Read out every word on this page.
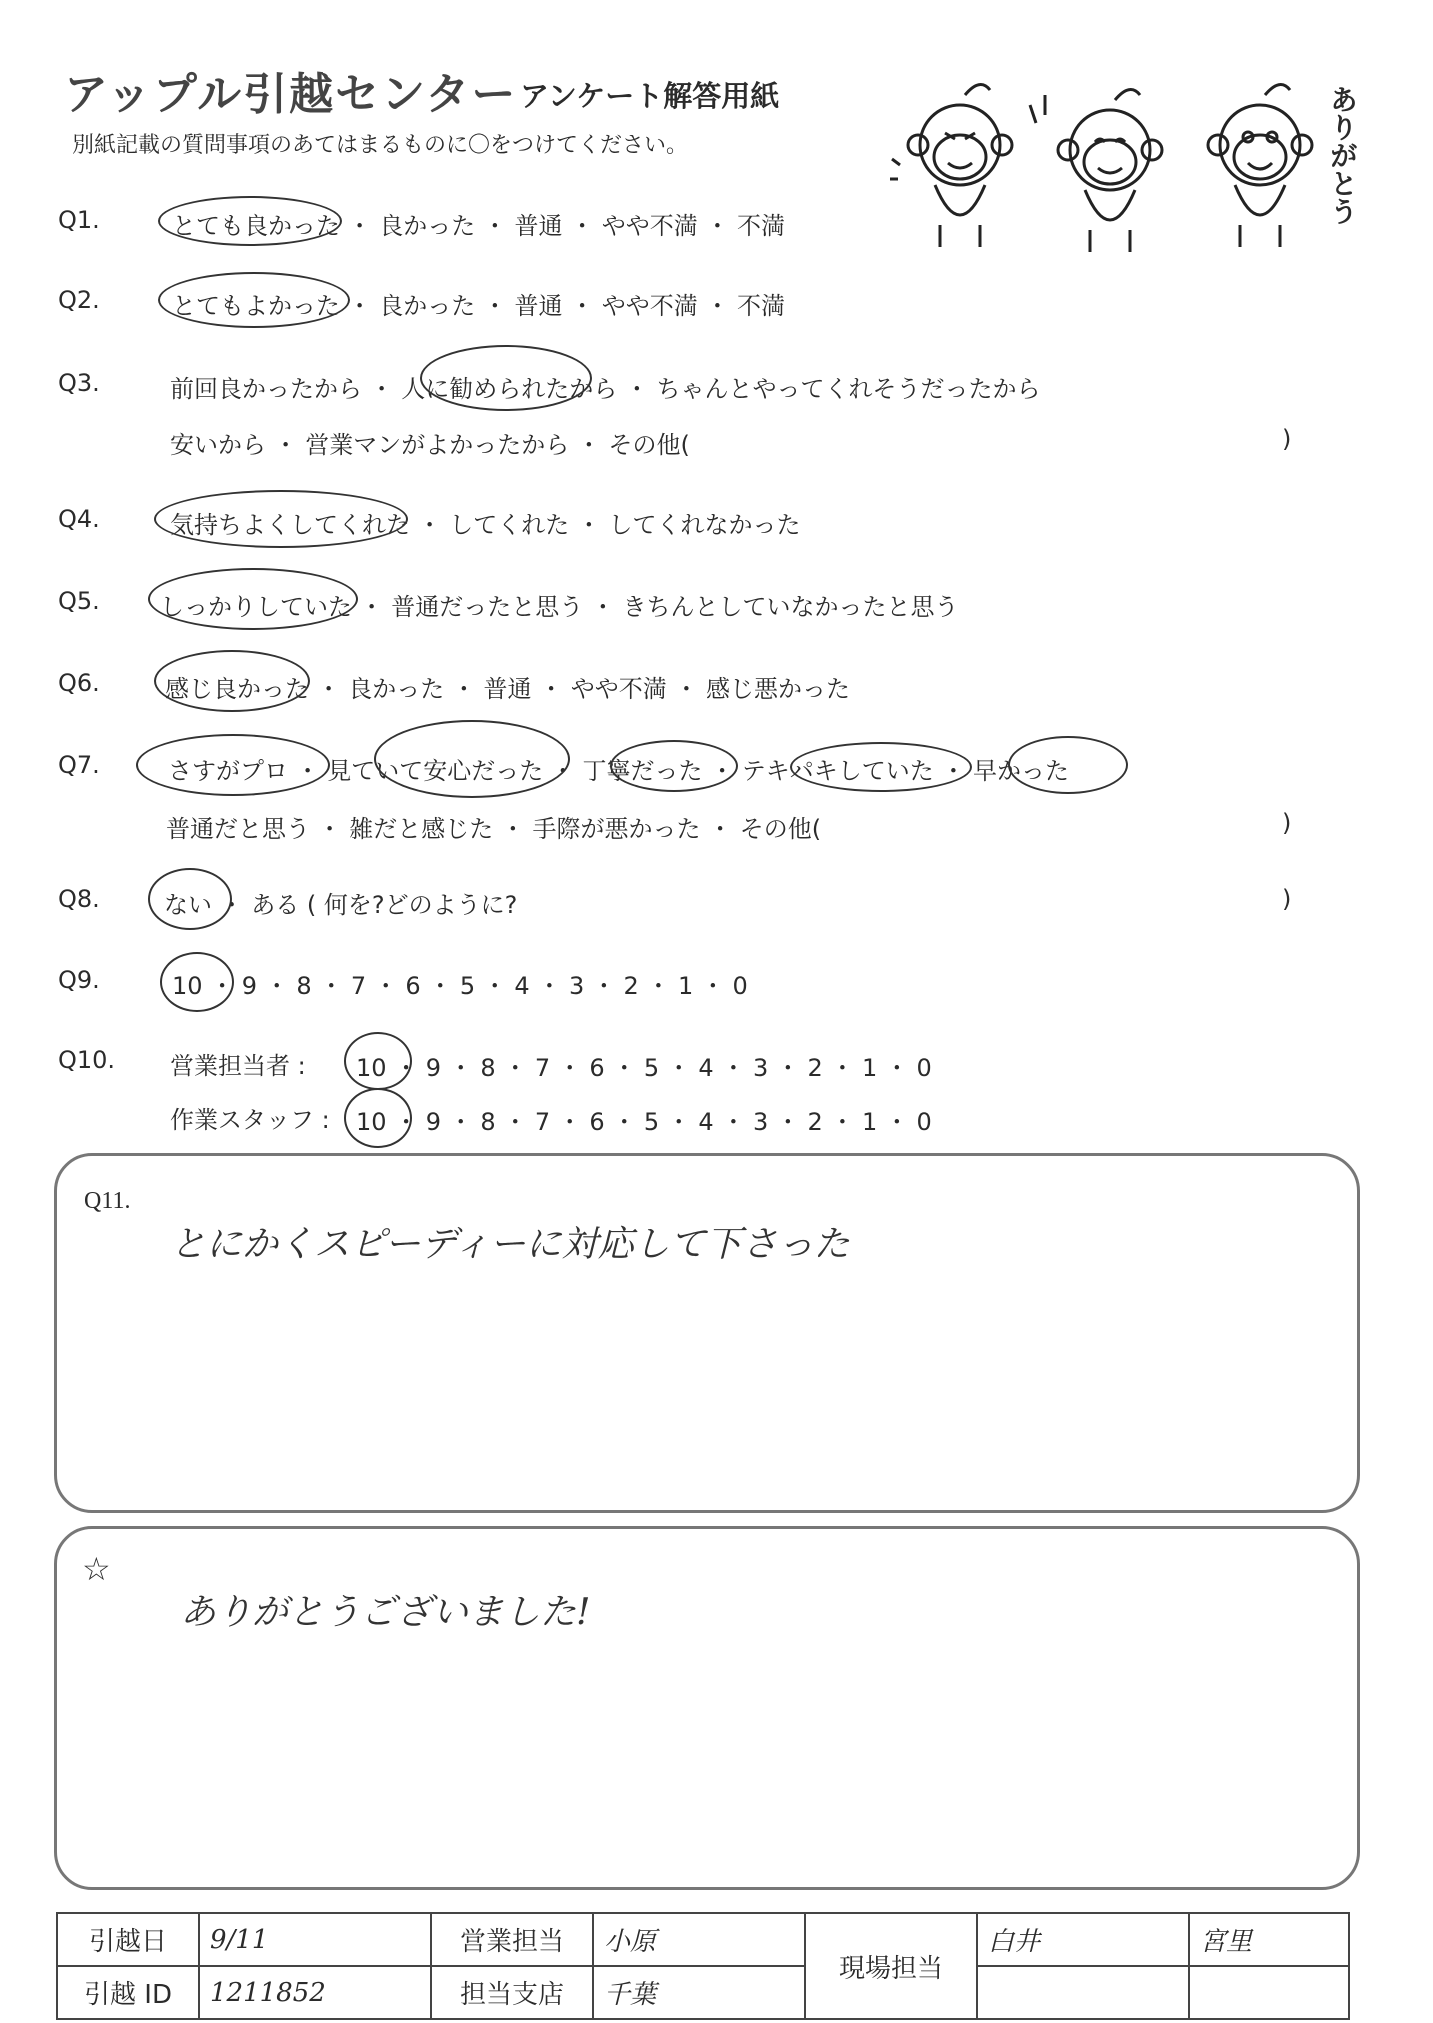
アップル引越センター アンケート解答用紙
別紙記載の質問事項のあてはまるものに〇をつけてください。	ありがとう
Q1.	とても良かった ・ 良かった ・ 普通 ・ やや不満 ・ 不満
Q2.	とてもよかった ・ 良かった ・ 普通 ・ やや不満 ・ 不満
Q3.	前回良かったから ・ 人に勧められたから ・ ちゃんとやってくれそうだったから
安いから ・ 営業マンがよかったから ・ その他(	)
Q4.	気持ちよくしてくれた ・ してくれた ・ してくれなかった
Q5.	しっかりしていた ・ 普通だったと思う ・ きちんとしていなかったと思う
Q6.	感じ良かった ・ 良かった ・ 普通 ・ やや不満 ・ 感じ悪かった
Q7.	さすがプロ ・ 見ていて安心だった ・ 丁寧だった ・ テキパキしていた ・ 早かった
普通だと思う ・ 雑だと感じた ・ 手際が悪かった ・ その他(	)
Q8.	ない ・ ある ( 何を?どのように?	)
Q9.	10 ・ 9 ・ 8 ・ 7 ・ 6 ・ 5 ・ 4 ・ 3 ・ 2 ・ 1 ・ 0
Q10. 営業担当者 : 10 ・ 9 ・ 8 ・ 7 ・ 6 ・ 5 ・ 4 ・ 3 ・ 2 ・ 1 ・ 0
作業スタッフ : 10 ・ 9 ・ 8 ・ 7 ・ 6 ・ 5 ・ 4 ・ 3 ・ 2 ・ 1 ・ 0
Q11.
とにかくスピーディーに対応して下さった
☆
ありがとうございました!
引越日	9/11	営業担当	小原	現場担当	白井	宮里
引越 ID	1211852	担当支店	千葉			
